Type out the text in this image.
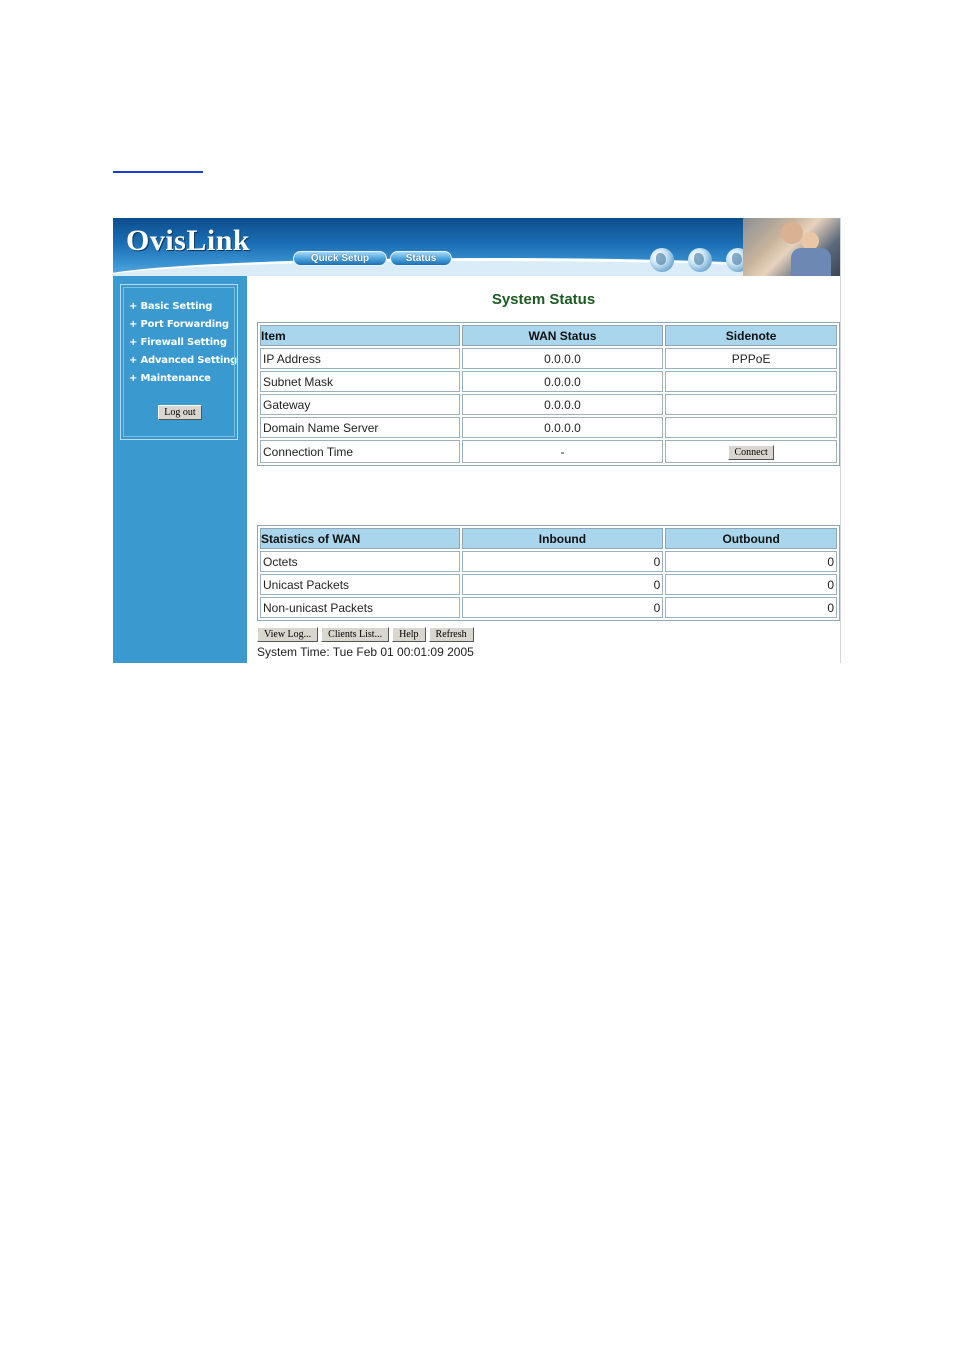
OvisLink
Quick Setup	Status
+ Basic Setting
+ Port Forwarding
+ Firewall Setting
+ Advanced Setting
+ Maintenance
Log out
System Status
Item	WAN Status	Sidenote
IP Address	0.0.0.0	PPPoE
Subnet Mask	0.0.0.0	
Gateway	0.0.0.0	
Domain Name Server	0.0.0.0	
Connection Time	-	Connect
Statistics of WAN	Inbound	Outbound
Octets	0	0
Unicast Packets	0	0
Non-unicast Packets	0	0
View Log...	Clients List...	Help	Refresh
System Time: Tue Feb 01 00:01:09 2005
